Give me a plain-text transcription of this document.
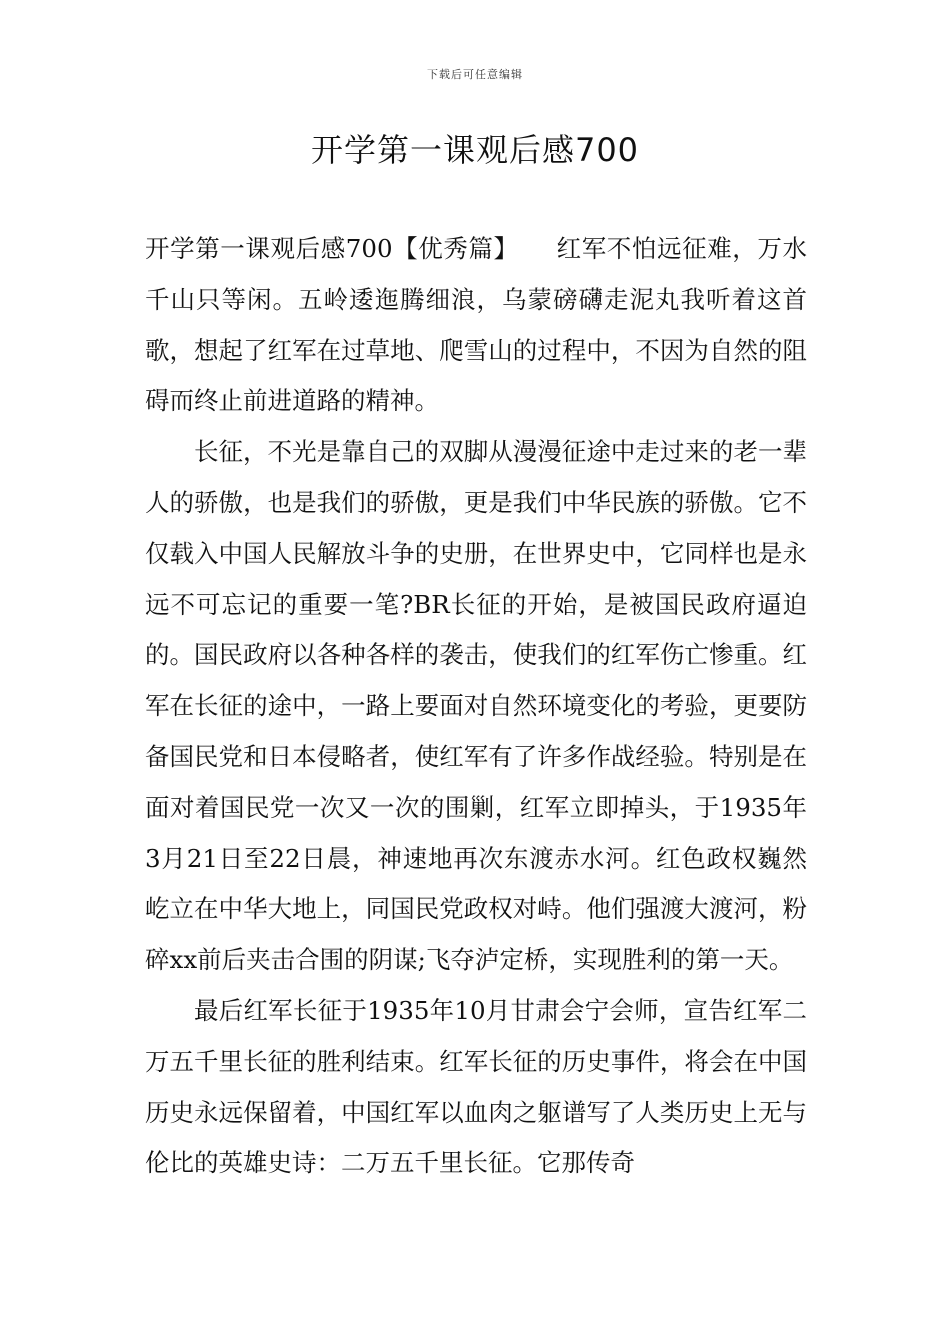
下载后可任意编辑
开学第一课观后感700

开学第一课观后感700【优秀篇】　　红军不怕远征难，万水千山只等闲。五岭逶迤腾细浪，乌蒙磅礴走泥丸我听着这首歌，想起了红军在过草地、爬雪山的过程中，不因为自然的阻碍而终止前进道路的精神。

长征，不光是靠自己的双脚从漫漫征途中走过来的老一辈人的骄傲，也是我们的骄傲，更是我们中华民族的骄傲。它不仅载入中国人民解放斗争的史册，在世界史中，它同样也是永远不可忘记的重要一笔?BR长征的开始，是被国民政府逼迫的。国民政府以各种各样的袭击，使我们的红军伤亡惨重。红军在长征的途中，一路上要面对自然环境变化的考验，更要防备国民党和日本侵略者，使红军有了许多作战经验。特别是在面对着国民党一次又一次的围剿，红军立即掉头，于1935年3月21日至22日晨，神速地再次东渡赤水河。红色政权巍然屹立在中华大地上，同国民党政权对峙。他们强渡大渡河，粉碎xx前后夹击合围的阴谋;飞夺泸定桥，实现胜利的第一天。

最后红军长征于1935年10月甘肃会宁会师，宣告红军二万五千里长征的胜利结束。红军长征的历史事件，将会在中国历史永远保留着，中国红军以血肉之躯谱写了人类历史上无与伦比的英雄史诗：二万五千里长征。它那传奇
